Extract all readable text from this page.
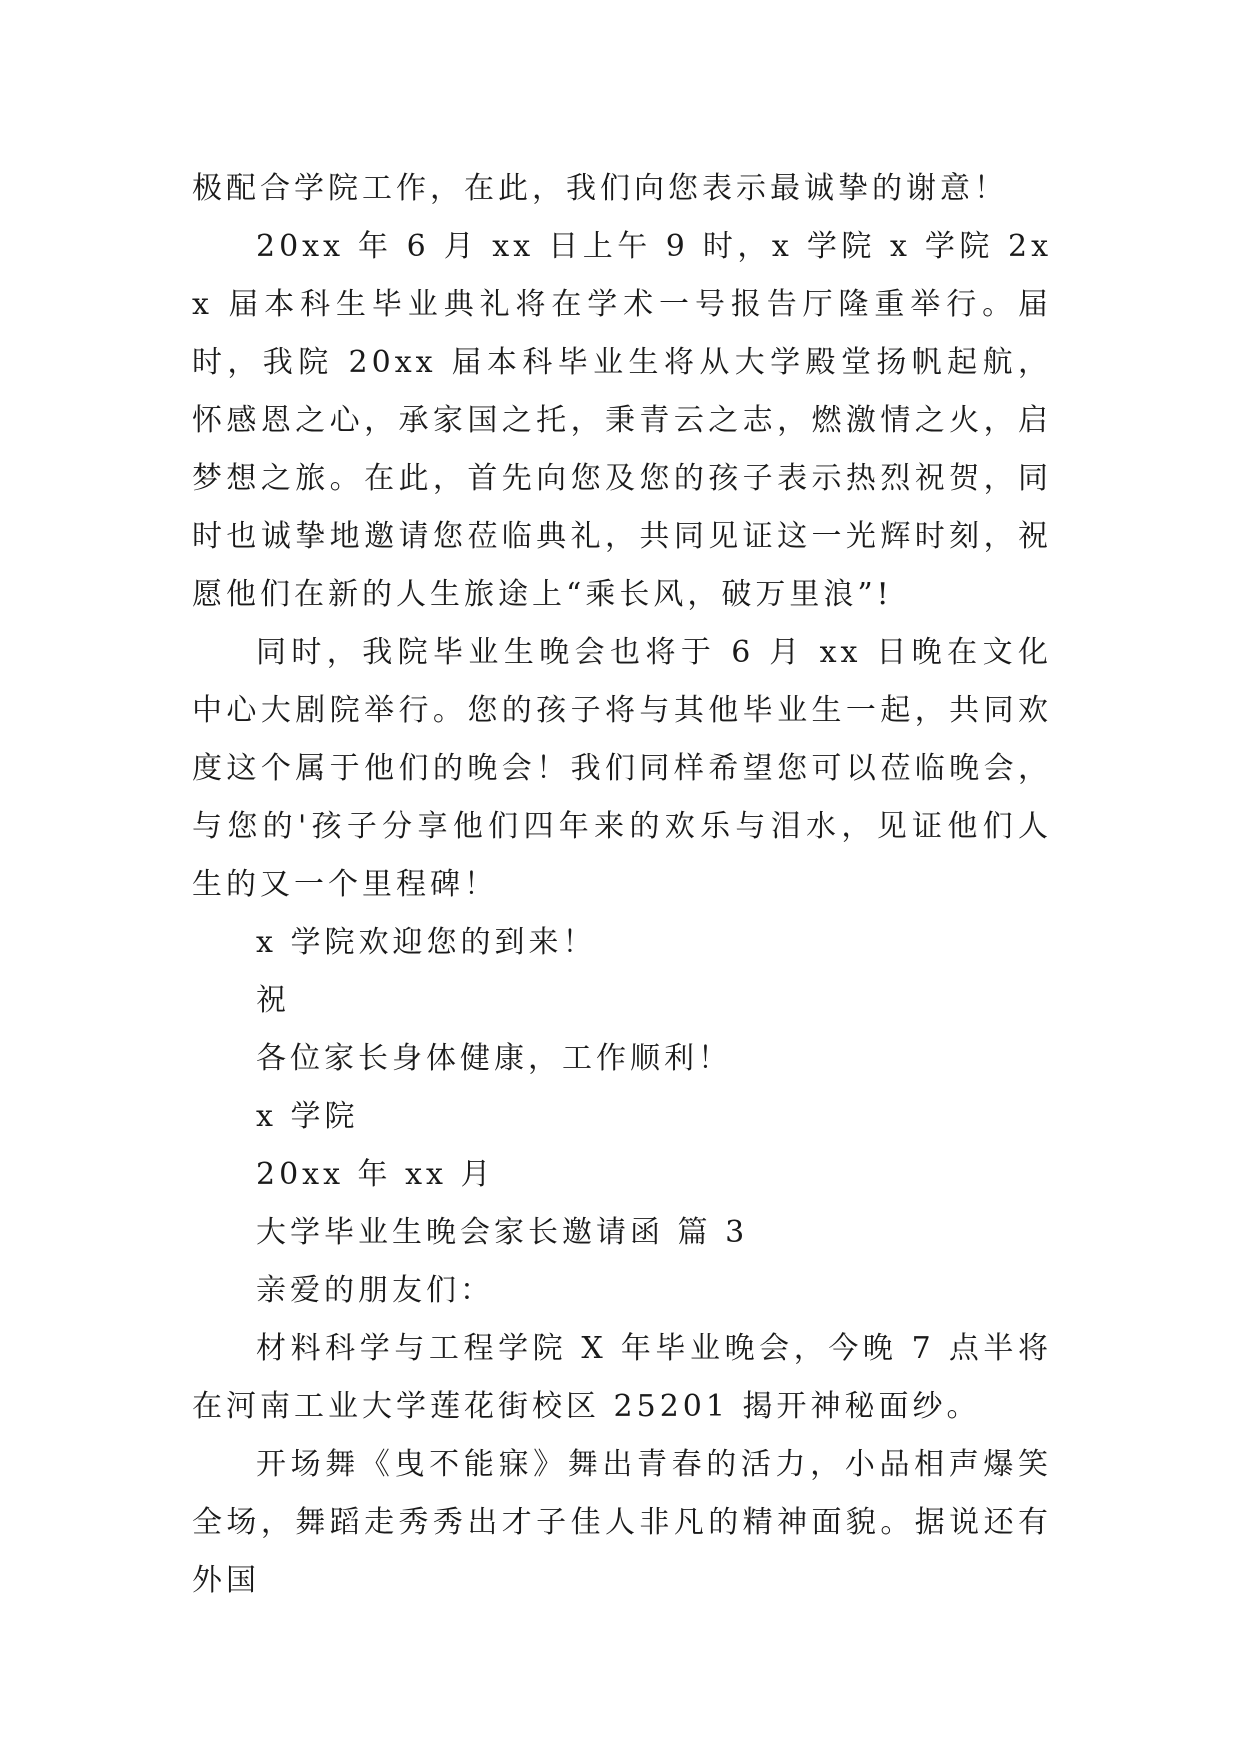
极配合学院工作，在此，我们向您表示最诚挚的谢意！

20xx 年 6 月 xx 日上午 9 时，x 学院 x 学院 2xx 届本科生毕业典礼将在学术一号报告厅隆重举行。届时，我院 20xx 届本科毕业生将从大学殿堂扬帆起航，怀感恩之心，承家国之托，秉青云之志，燃激情之火，启梦想之旅。在此，首先向您及您的孩子表示热烈祝贺，同时也诚挚地邀请您莅临典礼，共同见证这一光辉时刻，祝愿他们在新的人生旅途上“乘长风，破万里浪”!

同时，我院毕业生晚会也将于 6 月 xx 日晚在文化中心大剧院举行。您的孩子将与其他毕业生一起，共同欢度这个属于他们的晚会！我们同样希望您可以莅临晚会，与您的'孩子分享他们四年来的欢乐与泪水，见证他们人生的又一个里程碑！

x 学院欢迎您的到来！

祝

各位家长身体健康，工作顺利！

x 学院

20xx 年 xx 月

大学毕业生晚会家长邀请函 篇 3

亲爱的朋友们：

材料科学与工程学院 X 年毕业晚会，今晚 7 点半将在河南工业大学莲花街校区 25201 揭开神秘面纱。

开场舞《曳不能寐》舞出青春的活力，小品相声爆笑全场，舞蹈走秀秀出才子佳人非凡的精神面貌。据说还有外国
